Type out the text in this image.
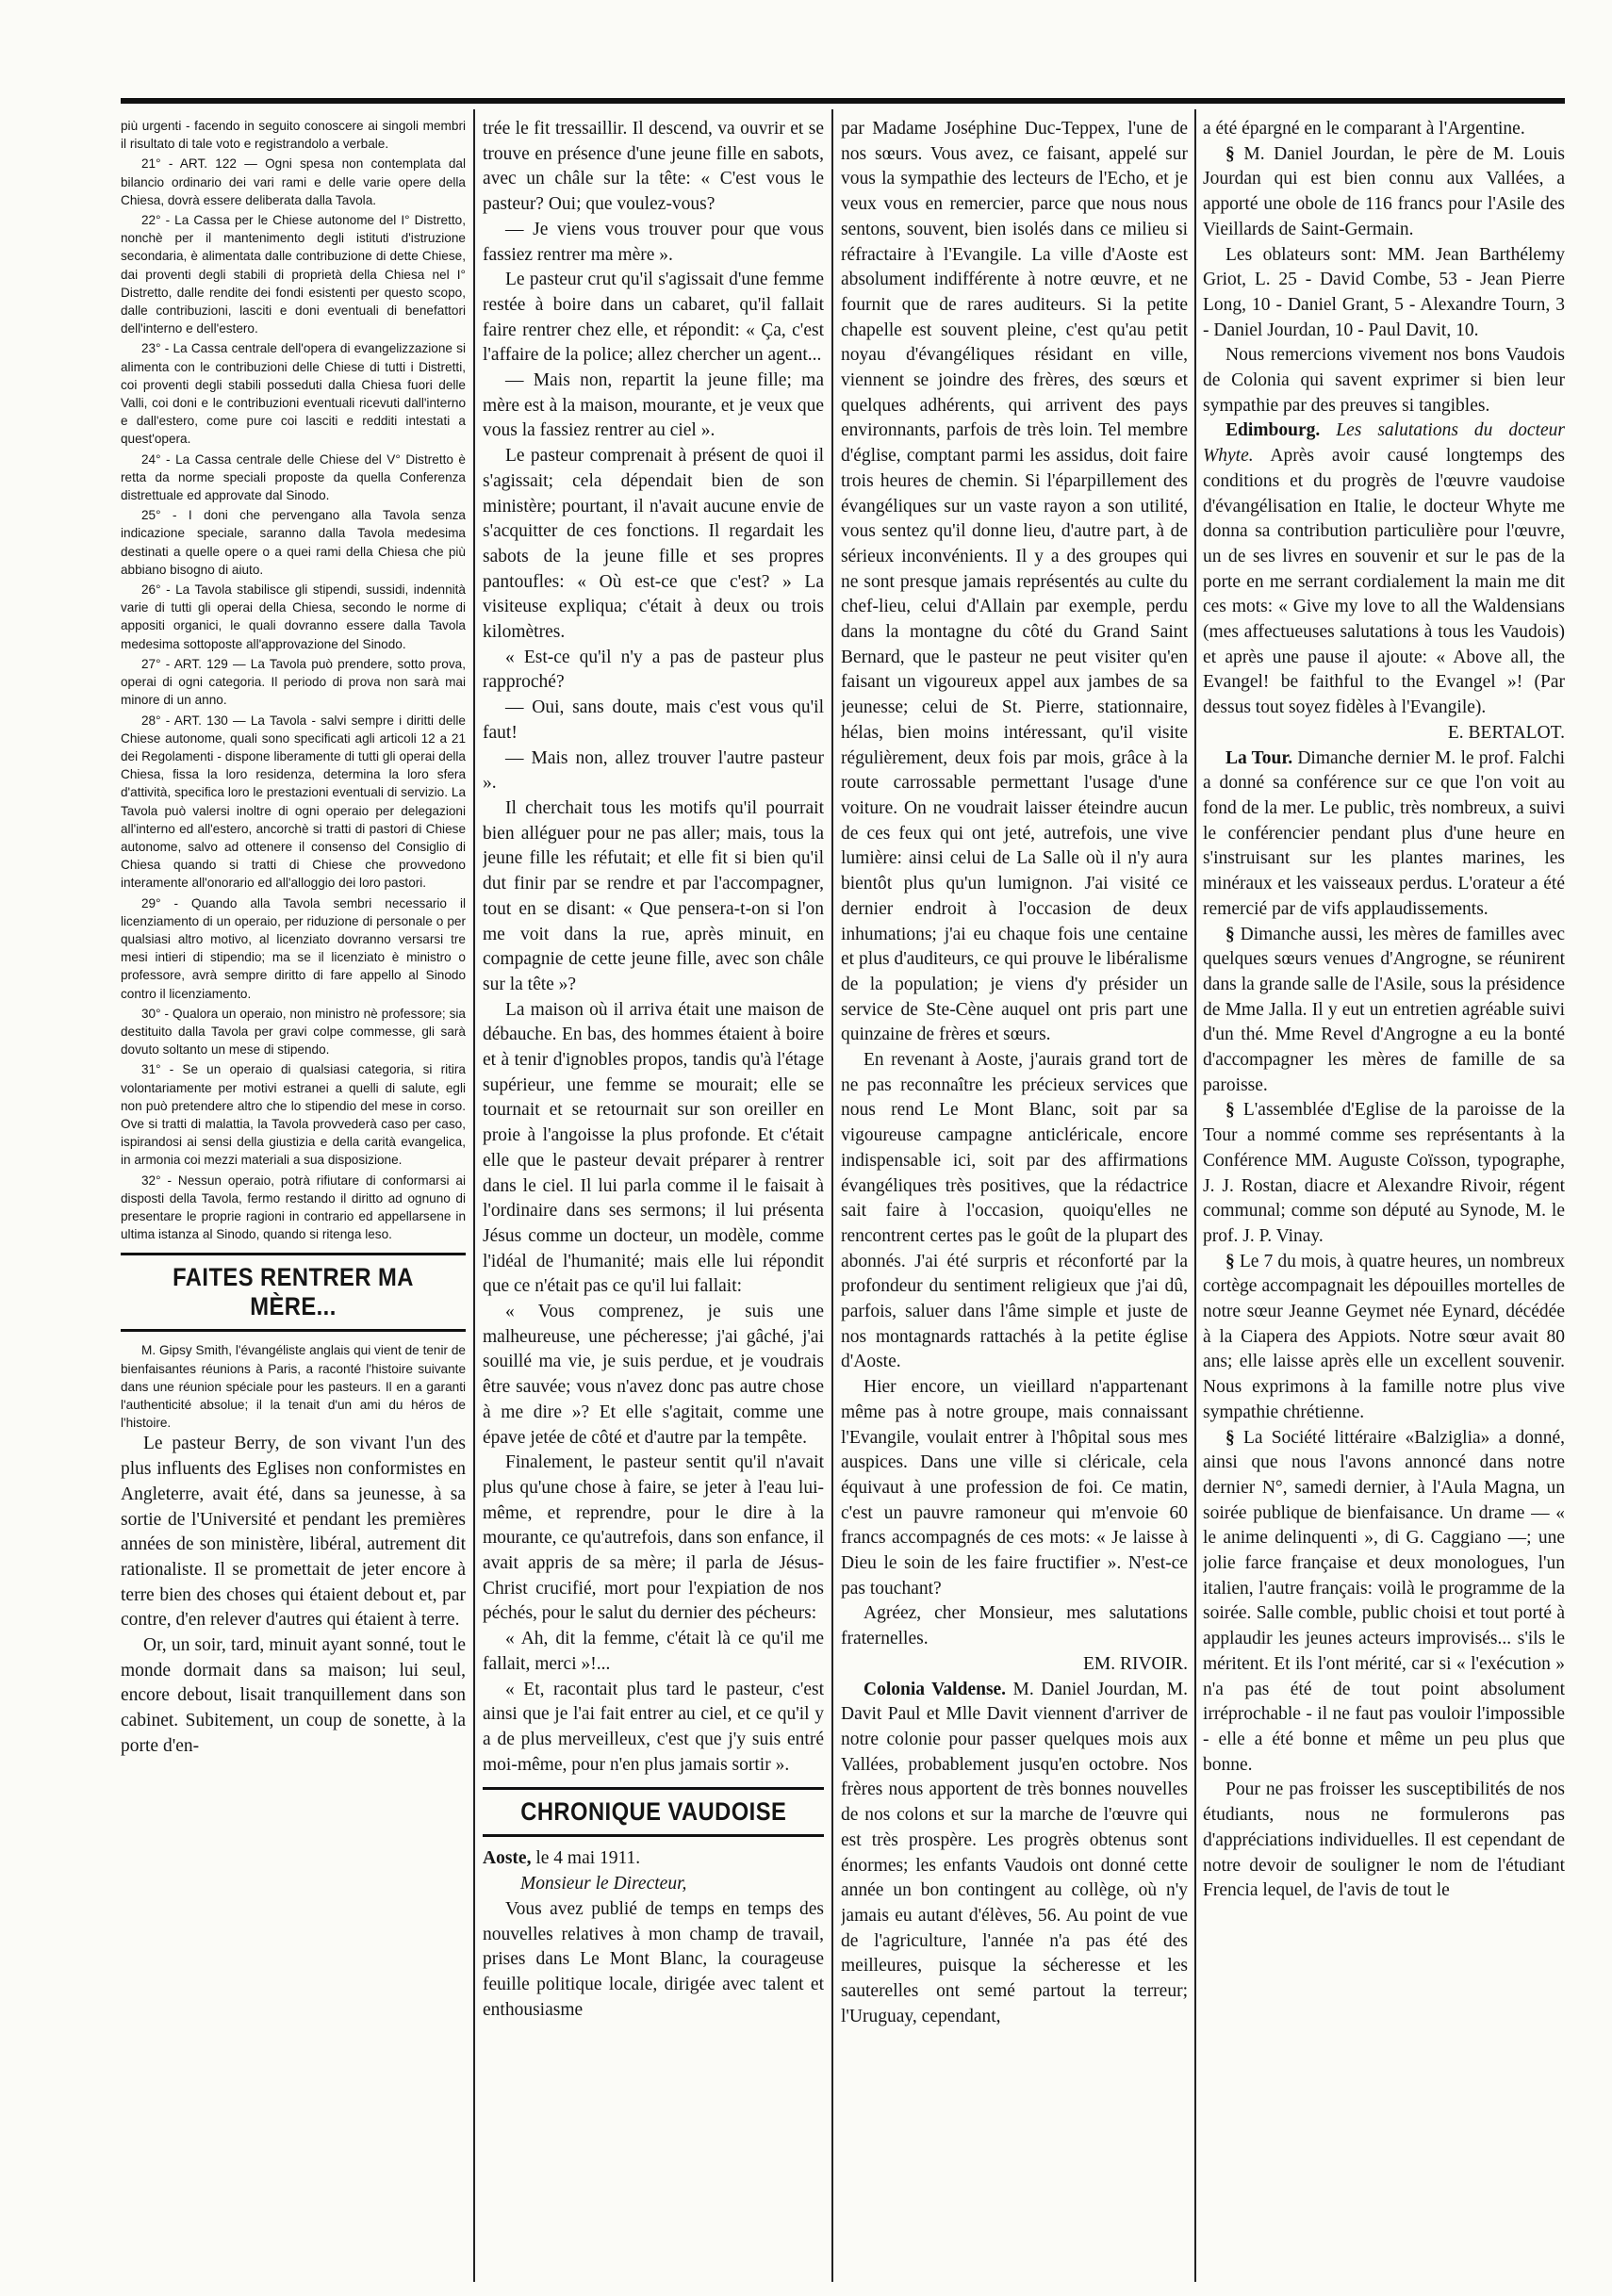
più urgenti - facendo in seguito conoscere ai singoli membri il risultato di tale voto e registrandolo a verbale.

21° - ART. 122 — Ogni spesa non contemplata dal bilancio ordinario dei vari rami e delle varie opere della Chiesa, dovrà essere deliberata dalla Tavola.

22° - La Cassa per le Chiese autonome del I° Distretto, nonchè per il mantenimento degli istituti d'istruzione secondaria, è alimentata dalle contribuzione di dette Chiese, dai proventi degli stabili di proprietà della Chiesa nel I° Distretto, dalle rendite dei fondi esistenti per questo scopo, dalle contribuzioni, lasciti e doni eventuali di benefattori dell'interno e dell'estero.

23° - La Cassa centrale dell'opera di evangelizzazione si alimenta con le contribuzioni delle Chiese di tutti i Distretti, coi proventi degli stabili posseduti dalla Chiesa fuori delle Valli, coi doni e le contribuzioni eventuali ricevuti dall'interno e dall'estero, come pure coi lasciti e redditi intestati a quest'opera.

24° - La Cassa centrale delle Chiese del V° Distretto è retta da norme speciali proposte da quella Conferenza distrettuale ed approvate dal Sinodo.

25° - I doni che pervengano alla Tavola senza indicazione speciale, saranno dalla Tavola medesima destinati a quelle opere o a quei rami della Chiesa che più abbiano bisogno di aiuto.

26° - La Tavola stabilisce gli stipendi, sussidi, indennità varie di tutti gli operai della Chiesa, secondo le norme di appositi organici, le quali dovranno essere dalla Tavola medesima sottoposte all'approvazione del Sinodo.

27° - ART. 129 — La Tavola può prendere, sotto prova, operai di ogni categoria. Il periodo di prova non sarà mai minore di un anno.

28° - ART. 130 — La Tavola - salvi sempre i diritti delle Chiese autonome, quali sono specificati agli articoli 12 a 21 dei Regolamenti - dispone liberamente di tutti gli operai della Chiesa, fissa la loro residenza, determina la loro sfera d'attività, specifica loro le prestazioni eventuali di servizio. La Tavola può valersi inoltre di ogni operaio per delegazioni all'interno ed all'estero, ancorchè si tratti di pastori di Chiese autonome, salvo ad ottenere il consenso del Consiglio di Chiesa quando si tratti di Chiese che provvedono interamente all'onorario ed all'alloggio dei loro pastori.

29° - Quando alla Tavola sembri necessario il licenziamento di un operaio, per riduzione di personale o per qualsiasi altro motivo, al licenziato dovranno versarsi tre mesi intieri di stipendio; ma se il licenziato è ministro o professore, avrà sempre diritto di fare appello al Sinodo contro il licenziamento.

30° - Qualora un operaio, non ministro nè professore; sia destituito dalla Tavola per gravi colpe commesse, gli sarà dovuto soltanto un mese di stipendo.

31° - Se un operaio di qualsiasi categoria, si ritira volontariamente per motivi estranei a quelli di salute, egli non può pretendere altro che lo stipendio del mese in corso. Ove si tratti di malattia, la Tavola provvederà caso per caso, ispirandosi ai sensi della giustizia e della carità evangelica, in armonia coi mezzi materiali a sua disposizione.

32° - Nessun operaio, potrà rifiutare di conformarsi ai disposti della Tavola, fermo restando il diritto ad ognuno di presentare le proprie ragioni in contrario ed appellarsene in ultima istanza al Sinodo, quando si ritenga leso.

FAITES RENTRER MA MÈRE...

M. Gipsy Smith, l'évangéliste anglais qui vient de tenir de bienfaisantes réunions à Paris, a raconté l'histoire suivante dans une réunion spéciale pour les pasteurs. Il en a garanti l'authenticité absolue; il la tenait d'un ami du héros de l'histoire.

Le pasteur Berry, de son vivant l'un des plus influents des Eglises non conformistes en Angleterre, avait été, dans sa jeunesse, à sa sortie de l'Université et pendant les premières années de son ministère, libéral, autrement dit rationaliste. Il se promettait de jeter encore à terre bien des choses qui étaient debout et, par contre, d'en relever d'autres qui étaient à terre.

Or, un soir, tard, minuit ayant sonné, tout le monde dormait dans sa maison; lui seul, encore debout, lisait tranquillement dans son cabinet. Subitement, un coup de sonette, à la porte d'en-

trée le fit tressaillir. Il descend, va ouvrir et se trouve en présence d'une jeune fille en sabots, avec un châle sur la tête: « C'est vous le pasteur? Oui; que voulez-vous?

— Je viens vous trouver pour que vous fassiez rentrer ma mère ».

Le pasteur crut qu'il s'agissait d'une femme restée à boire dans un cabaret, qu'il fallait faire rentrer chez elle, et répondit: « Ça, c'est l'affaire de la police; allez chercher un agent...

— Mais non, repartit la jeune fille; ma mère est à la maison, mourante, et je veux que vous la fassiez rentrer au ciel ».

Le pasteur comprenait à présent de quoi il s'agissait; cela dépendait bien de son ministère; pourtant, il n'avait aucune envie de s'acquitter de ces fonctions. Il regardait les sabots de la jeune fille et ses propres pantoufles: « Où est-ce que c'est? » La visiteuse expliqua; c'était à deux ou trois kilomètres.

« Est-ce qu'il n'y a pas de pasteur plus rapproché?

— Oui, sans doute, mais c'est vous qu'il faut!

— Mais non, allez trouver l'autre pasteur ».

Il cherchait tous les motifs qu'il pourrait bien alléguer pour ne pas aller; mais, tous la jeune fille les réfutait; et elle fit si bien qu'il dut finir par se rendre et par l'accompagner, tout en se disant: « Que pensera-t-on si l'on me voit dans la rue, après minuit, en compagnie de cette jeune fille, avec son châle sur la tête »?

La maison où il arriva était une maison de débauche. En bas, des hommes étaient à boire et à tenir d'ignobles propos, tandis qu'à l'étage supérieur, une femme se mourait; elle se tournait et se retournait sur son oreiller en proie à l'angoisse la plus profonde. Et c'était elle que le pasteur devait préparer à rentrer dans le ciel. Il lui parla comme il le faisait à l'ordinaire dans ses sermons; il lui présenta Jésus comme un docteur, un modèle, comme l'idéal de l'humanité; mais elle lui répondit que ce n'était pas ce qu'il lui fallait:

« Vous comprenez, je suis une malheureuse, une pécheresse; j'ai gâché, j'ai souillé ma vie, je suis perdue, et je voudrais être sauvée; vous n'avez donc pas autre chose à me dire »? Et elle s'agitait, comme une épave jetée de côté et d'autre par la tempête.

Finalement, le pasteur sentit qu'il n'avait plus qu'une chose à faire, se jeter à l'eau lui-même, et reprendre, pour le dire à la mourante, ce qu'autrefois, dans son enfance, il avait appris de sa mère; il parla de Jésus-Christ crucifié, mort pour l'expiation de nos péchés, pour le salut du dernier des pécheurs:

« Ah, dit la femme, c'était là ce qu'il me fallait, merci »!...

« Et, racontait plus tard le pasteur, c'est ainsi que je l'ai fait entrer au ciel, et ce qu'il y a de plus merveilleux, c'est que j'y suis entré moi-même, pour n'en plus jamais sortir ».

CHRONIQUE VAUDOISE
Aoste, le 4 mai 1911.
Monsieur le Directeur,

Vous avez publié de temps en temps des nouvelles relatives à mon champ de travail, prises dans Le Mont Blanc, la courageuse feuille politique locale, dirigée avec talent et enthousiasme

par Madame Joséphine Duc-Teppex, l'une de nos sœurs. Vous avez, ce faisant, appelé sur vous la sympathie des lecteurs de l'Echo, et je veux vous en remercier, parce que nous nous sentons, souvent, bien isolés dans ce milieu si réfractaire à l'Evangile. La ville d'Aoste est absolument indifférente à notre œuvre, et ne fournit que de rares auditeurs. Si la petite chapelle est souvent pleine, c'est qu'au petit noyau d'évangéliques résidant en ville, viennent se joindre des frères, des sœurs et quelques adhérents, qui arrivent des pays environnants, parfois de très loin. Tel membre d'église, comptant parmi les assidus, doit faire trois heures de chemin. Si l'éparpillement des évangéliques sur un vaste rayon a son utilité, vous sentez qu'il donne lieu, d'autre part, à de sérieux inconvénients. Il y a des groupes qui ne sont presque jamais représentés au culte du chef-lieu, celui d'Allain par exemple, perdu dans la montagne du côté du Grand Saint Bernard, que le pasteur ne peut visiter qu'en faisant un vigoureux appel aux jambes de sa jeunesse; celui de St. Pierre, stationnaire, hélas, bien moins intéressant, qu'il visite régulièrement, deux fois par mois, grâce à la route carrossable permettant l'usage d'une voiture. On ne voudrait laisser éteindre aucun de ces feux qui ont jeté, autrefois, une vive lumière: ainsi celui de La Salle où il n'y aura bientôt plus qu'un lumignon. J'ai visité ce dernier endroit à l'occasion de deux inhumations; j'ai eu chaque fois une centaine et plus d'auditeurs, ce qui prouve le libéralisme de la population; je viens d'y présider un service de Ste-Cène auquel ont pris part une quinzaine de frères et sœurs.

En revenant à Aoste, j'aurais grand tort de ne pas reconnaître les précieux services que nous rend Le Mont Blanc, soit par sa vigoureuse campagne anticléricale, encore indispensable ici, soit par des affirmations évangéliques très positives, que la rédactrice sait faire à l'occasion, quoiqu'elles ne rencontrent certes pas le goût de la plupart des abonnés. J'ai été surpris et réconforté par la profondeur du sentiment religieux que j'ai dû, parfois, saluer dans l'âme simple et juste de nos montagnards rattachés à la petite église d'Aoste.

Hier encore, un vieillard n'appartenant même pas à notre groupe, mais connaissant l'Evangile, voulait entrer à l'hôpital sous mes auspices. Dans une ville si cléricale, cela équivaut à une profession de foi. Ce matin, c'est un pauvre ramoneur qui m'envoie 60 francs accompagnés de ces mots: « Je laisse à Dieu le soin de les faire fructifier ». N'est-ce pas touchant?

Agréez, cher Monsieur, mes salutations fraternelles.

EM. RIVOIR.

Colonia Valdense. M. Daniel Jourdan, M. Davit Paul et Mlle Davit viennent d'arriver de notre colonie pour passer quelques mois aux Vallées, probablement jusqu'en octobre. Nos frères nous apportent de très bonnes nouvelles de nos colons et sur la marche de l'œuvre qui est très prospère. Les progrès obtenus sont énormes; les enfants Vaudois ont donné cette année un bon contingent au collège, où n'y jamais eu autant d'élèves, 56. Au point de vue de l'agriculture, l'année n'a pas été des meilleures, puisque la sécheresse et les sauterelles ont semé partout la terreur; l'Uruguay, cependant,

a été épargné en le comparant à l'Argentine.

§ M. Daniel Jourdan, le père de M. Louis Jourdan qui est bien connu aux Vallées, a apporté une obole de 116 francs pour l'Asile des Vieillards de Saint-Germain.

Les oblateurs sont: MM. Jean Barthélemy Griot, L. 25 - David Combe, 53 - Jean Pierre Long, 10 - Daniel Grant, 5 - Alexandre Tourn, 3 - Daniel Jourdan, 10 - Paul Davit, 10.

Nous remercions vivement nos bons Vaudois de Colonia qui savent exprimer si bien leur sympathie par des preuves si tangibles.

Edimbourg. Les salutations du docteur Whyte. Après avoir causé longtemps des conditions et du progrès de l'œuvre vaudoise d'évangélisation en Italie, le docteur Whyte me donna sa contribution particulière pour l'œuvre, un de ses livres en souvenir et sur le pas de la porte en me serrant cordialement la main me dit ces mots: « Give my love to all the Waldensians (mes affectueuses salutations à tous les Vaudois) et après une pause il ajoute: « Above all, the Evangel! be faithful to the Evangel »! (Par dessus tout soyez fidèles à l'Evangile).

E. BERTALOT.

La Tour. Dimanche dernier M. le prof. Falchi a donné sa conférence sur ce que l'on voit au fond de la mer. Le public, très nombreux, a suivi le conférencier pendant plus d'une heure en s'instruisant sur les plantes marines, les minéraux et les vaisseaux perdus. L'orateur a été remercié par de vifs applaudissements.

§ Dimanche aussi, les mères de familles avec quelques sœurs venues d'Angrogne, se réunirent dans la grande salle de l'Asile, sous la présidence de Mme Jalla. Il y eut un entretien agréable suivi d'un thé. Mme Revel d'Angrogne a eu la bonté d'accompagner les mères de famille de sa paroisse.

§ L'assemblée d'Eglise de la paroisse de la Tour a nommé comme ses représentants à la Conférence MM. Auguste Coïsson, typographe, J. J. Rostan, diacre et Alexandre Rivoir, régent communal; comme son député au Synode, M. le prof. J. P. Vinay.

§ Le 7 du mois, à quatre heures, un nombreux cortège accompagnait les dépouilles mortelles de notre sœur Jeanne Geymet née Eynard, décédée à la Ciapera des Appiots. Notre sœur avait 80 ans; elle laisse après elle un excellent souvenir. Nous exprimons à la famille notre plus vive sympathie chrétienne.

§ La Société littéraire «Balziglia» a donné, ainsi que nous l'avons annoncé dans notre dernier N°, samedi dernier, à l'Aula Magna, un soirée publique de bienfaisance. Un drame — « le anime delinquenti », di G. Caggiano —; une jolie farce française et deux monologues, l'un italien, l'autre français: voilà le programme de la soirée. Salle comble, public choisi et tout porté à applaudir les jeunes acteurs improvisés... s'ils le méritent. Et ils l'ont mérité, car si « l'exécution » n'a pas été de tout point absolument irréprochable - il ne faut pas vouloir l'impossible - elle a été bonne et même un peu plus que bonne.

Pour ne pas froisser les susceptibilités de nos étudiants, nous ne formulerons pas d'appréciations individuelles. Il est cependant de notre devoir de souligner le nom de l'étudiant Frencia lequel, de l'avis de tout le
